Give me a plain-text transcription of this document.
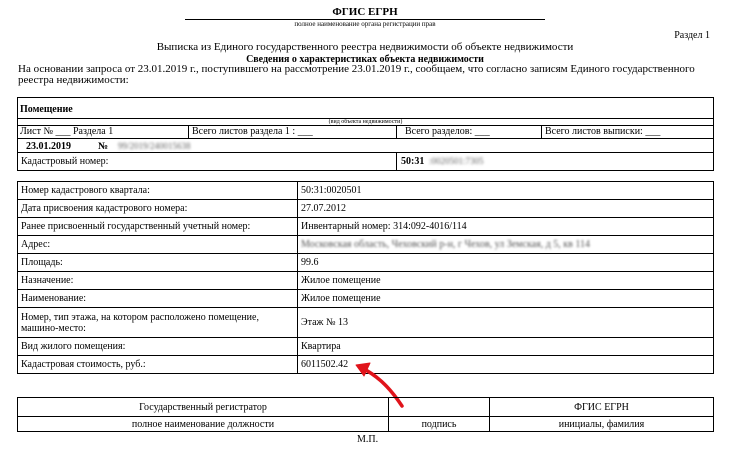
ФГИС ЕГРН
полное наименование органа регистрации прав
Раздел 1
Выписка из Единого государственного реестра недвижимости об объекте недвижимости
Сведения о характеристиках объекта недвижимости
На основании запроса от 23.01.2019 г., поступившего на рассмотрение 23.01.2019 г., сообщаем, что согласно записям Единого государственного реестра недвижимости:
Помещение
(вид объекта недвижимости)
Лист № ___ Раздела 1	Всего листов раздела 1 : ___	Всего разделов: ___	Всего листов выписки: ___
23.01.2019	№ 99/2019/240015638
Кадастровый номер:	50:31 :0020501:7305
Номер кадастрового квартала:	50:31:0020501
Дата присвоения кадастрового номера:	27.07.2012
Ранее присвоенный государственный учетный номер:	Инвентарный номер: 314:092-4016/114
Адрес:	Московская область, Чеховский р-н, г Чехов, ул Земская, д 5, кв 114
Площадь:	99.6
Назначение:	Жилое помещение
Наименование:	Жилое помещение
Номер, тип этажа, на котором расположено помещение, машино-место:	Этаж № 13
Вид жилого помещения:	Квартира
Кадастровая стоимость, руб.:	6011502.42
Государственный регистратор		ФГИС ЕГРН
полное наименование должности	подпись	инициалы, фамилия
М.П.
